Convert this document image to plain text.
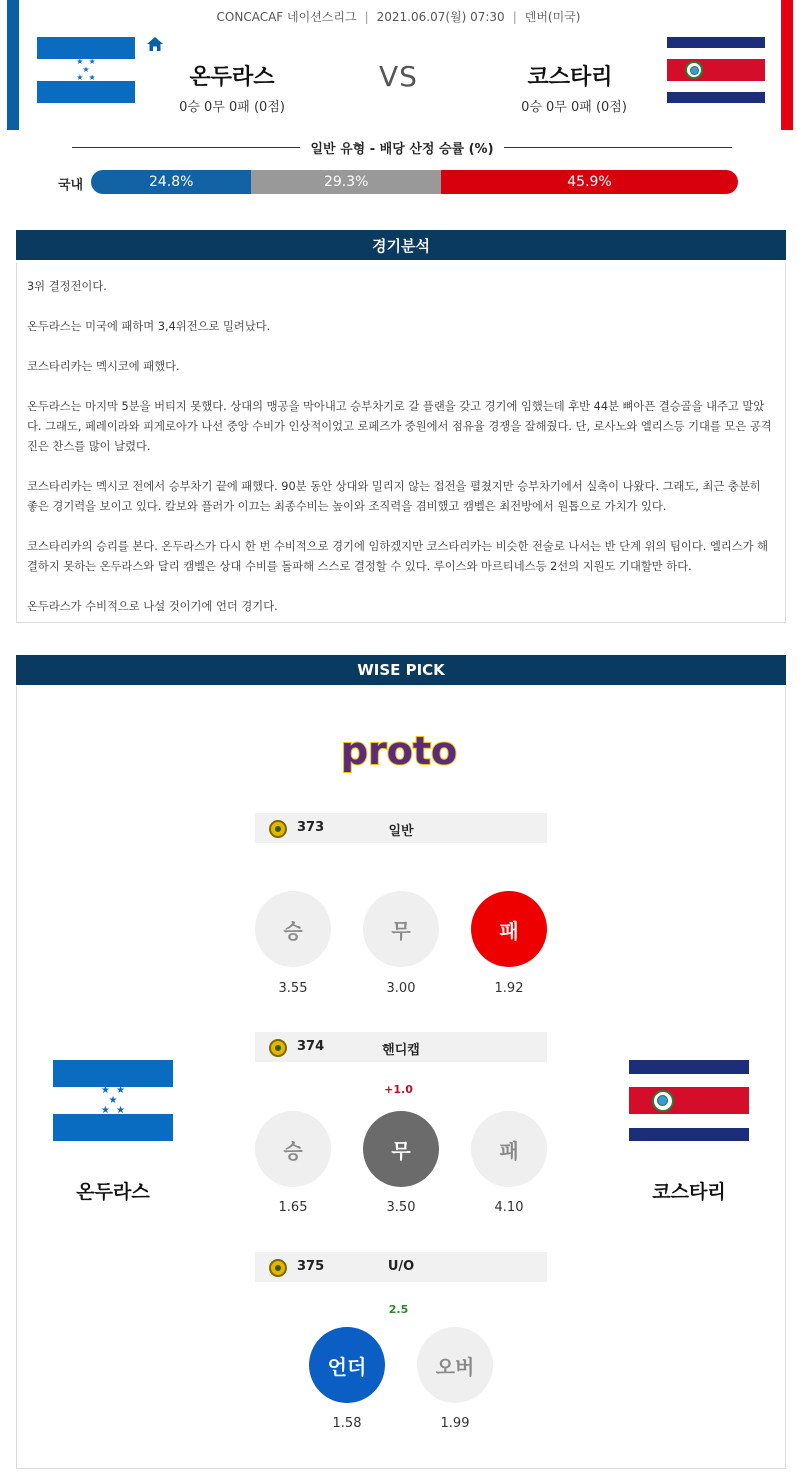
CONCACAF 네이션스리그 | 2021.06.07(월) 07:30 | 덴버(미국)
★  ★
★
★  ★	온두라스
0승 0무 0패 (0점)
VS	코스타리
0승 0무 0패 (0점)
일반 유형 - 배당 산정 승률 (%)
국내	24.8%	29.3%	45.9%
경기분석

3위 결정전이다.

온두라스는 미국에 패하며 3,4위전으로 밀려났다.

코스타리카는 멕시코에 패했다.

온두라스는 마지막 5분을 버티지 못했다. 상대의 맹공을 막아내고 승부차기로 갈 플랜을 갖고 경기에 임했는데 후반 44분 뼈아픈 결승골을 내주고 말았다. 그래도, 페레이라와 피게로아가 나선 중앙 수비가 인상적이었고 로페즈가 중원에서 점유율 경쟁을 잘해줬다. 단, 로사노와 엘리스등 기대를 모은 공격진은 찬스를 많이 날렸다.

코스타리카는 멕시코 전에서 승부차기 끝에 패했다. 90분 동안 상대와 밀리지 않는 접전을 펼쳤지만 승부차기에서 실축이 나왔다. 그래도, 최근 충분히 좋은 경기력을 보이고 있다. 칼보와 플러가 이끄는 최종수비는 높이와 조직력을 겸비했고 캠벨은 최전방에서 원톱으로 가치가 있다.

코스타리카의 승리를 본다. 온두라스가 다시 한 번 수비적으로 경기에 임하겠지만 코스타리카는 비슷한 전술로 나서는 반 단계 위의 팀이다. 엘리스가 해결하지 못하는 온두라스와 달리 캠벨은 상대 수비를 돌파해 스스로 결정할 수 있다. 루이스와 마르티네스등 2선의 지원도 기대할만 하다.

온두라스가 수비적으로 나설 것이기에 언더 경기다.

WISE PICK
proto
373	일반
승	무	패
3.55	3.00	1.92
374	핸디캡
+1.0
승	무	패
1.65	3.50	4.10
375	U/O
2.5
언더	오버
1.58	1.99
★  ★
★
★  ★
온두라스	코스타리
